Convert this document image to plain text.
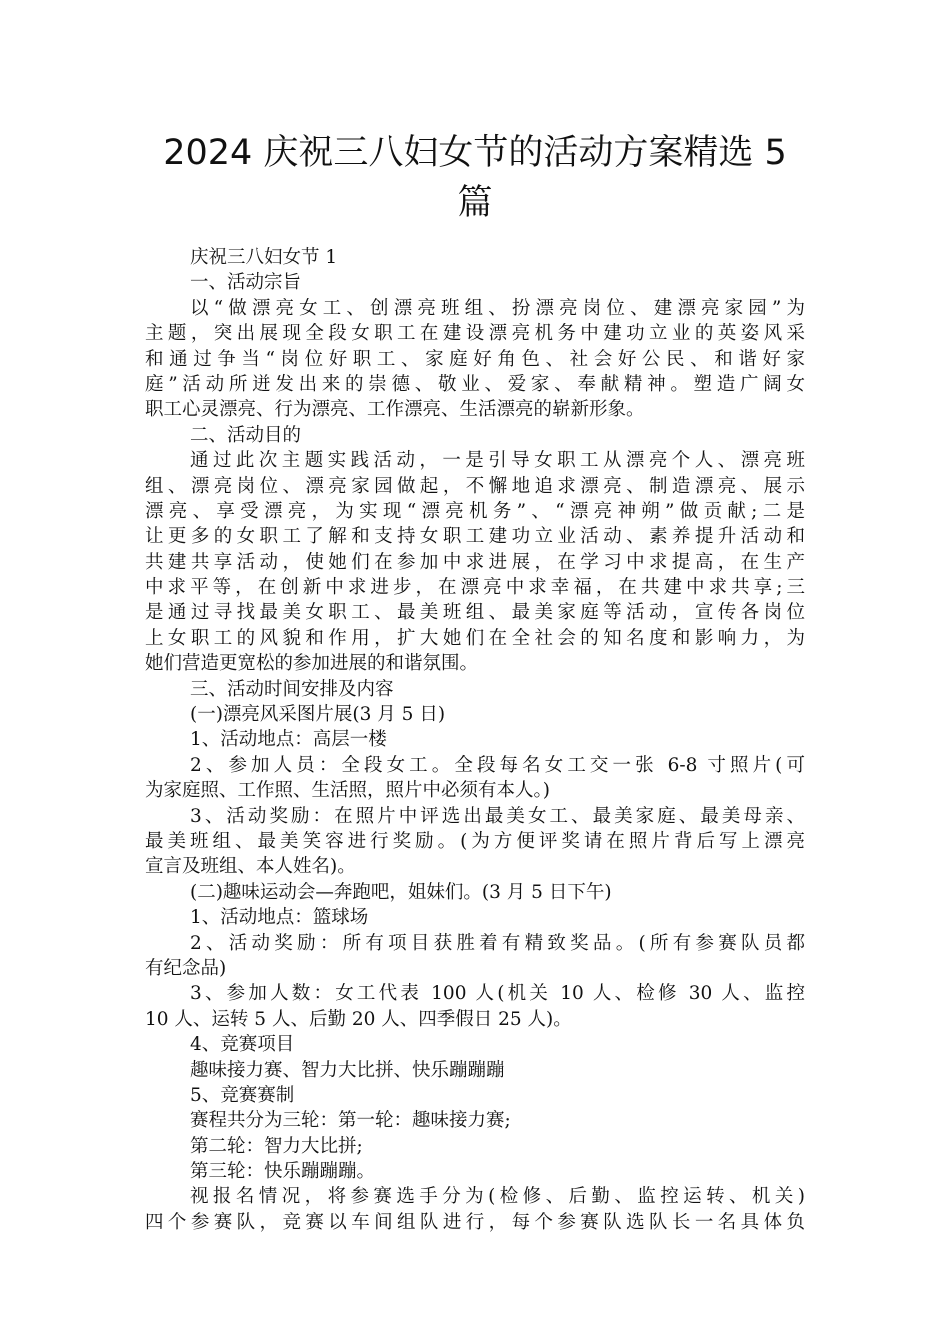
2024 庆祝三八妇女节的活动方案精选 5
篇
庆祝三八妇女节 1
一、活动宗旨
以“做漂亮女工、创漂亮班组、扮漂亮岗位、建漂亮家园”为
主题，突出展现全段女职工在建设漂亮机务中建功立业的英姿风采
和通过争当“岗位好职工、家庭好角色、社会好公民、和谐好家
庭”活动所迸发出来的崇德、敬业、爱家、奉献精神。塑造广阔女
职工心灵漂亮、行为漂亮、工作漂亮、生活漂亮的崭新形象。
二、活动目的
通过此次主题实践活动，一是引导女职工从漂亮个人、漂亮班
组、漂亮岗位、漂亮家园做起，不懈地追求漂亮、制造漂亮、展示
漂亮、享受漂亮，为实现“漂亮机务”、“漂亮神朔”做贡献;二是
让更多的女职工了解和支持女职工建功立业活动、素养提升活动和
共建共享活动，使她们在参加中求进展，在学习中求提高，在生产
中求平等，在创新中求进步，在漂亮中求幸福，在共建中求共享;三
是通过寻找最美女职工、最美班组、最美家庭等活动，宣传各岗位
上女职工的风貌和作用，扩大她们在全社会的知名度和影响力，为
她们营造更宽松的参加进展的和谐氛围。
三、活动时间安排及内容
(一)漂亮风采图片展(3 月 5 日)
1、活动地点：高层一楼
2、参加人员：全段女工。全段每名女工交一张 6-8 寸照片(可
为家庭照、工作照、生活照，照片中必须有本人。)
3、活动奖励：在照片中评选出最美女工、最美家庭、最美母亲、
最美班组、最美笑容进行奖励。(为方便评奖请在照片背后写上漂亮
宣言及班组、本人姓名)。
(二)趣味运动会—奔跑吧，姐妹们。(3 月 5 日下午)
1、活动地点：篮球场
2、活动奖励：所有项目获胜着有精致奖品。(所有参赛队员都
有纪念品)
3、参加人数：女工代表 100 人(机关 10 人、检修 30 人、监控
10 人、运转 5 人、后勤 20 人、四季假日 25 人)。
4、竞赛项目
趣味接力赛、智力大比拼、快乐蹦蹦蹦
5、竞赛赛制
赛程共分为三轮：第一轮：趣味接力赛;
第二轮：智力大比拼;
第三轮：快乐蹦蹦蹦。
视报名情况，将参赛选手分为(检修、后勤、监控运转、机关)
四个参赛队，竞赛以车间组队进行，每个参赛队选队长一名具体负
